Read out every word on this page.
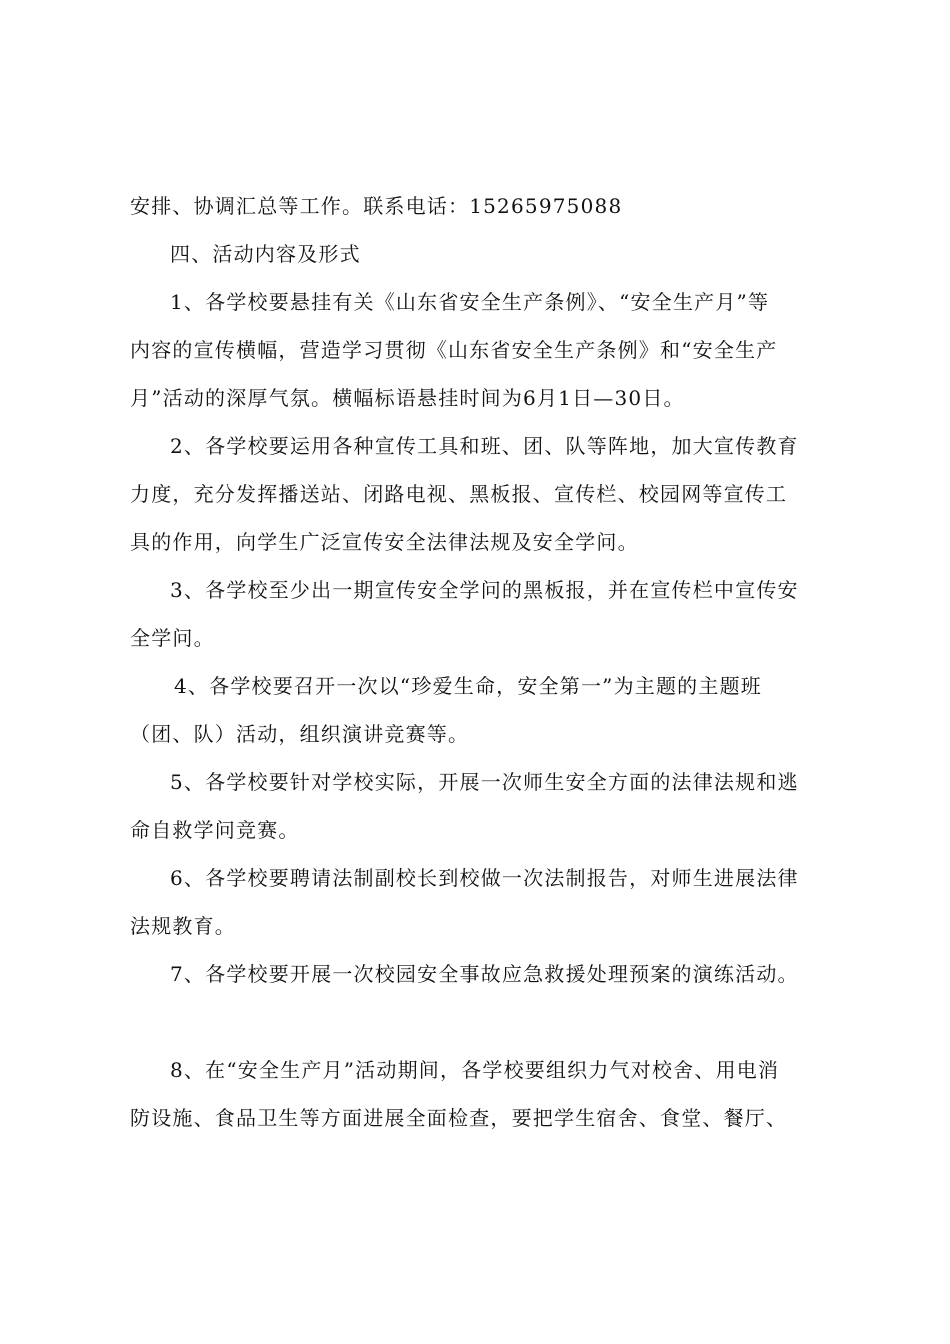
安排、协调汇总等工作。联系电话：15265975088
四、活动内容及形式
1、各学校要悬挂有关《山东省安全生产条例》、“安全生产月”等
内容的宣传横幅，营造学习贯彻《山东省安全生产条例》和“安全生产
月”活动的深厚气氛。横幅标语悬挂时间为6月1日—30日。
2、各学校要运用各种宣传工具和班、团、队等阵地，加大宣传教育
力度，充分发挥播送站、闭路电视、黑板报、宣传栏、校园网等宣传工
具的作用，向学生广泛宣传安全法律法规及安全学问。
3、各学校至少出一期宣传安全学问的黑板报，并在宣传栏中宣传安
全学问。
4、各学校要召开一次以“珍爱生命，安全第一”为主题的主题班
（团、队）活动，组织演讲竞赛等。
5、各学校要针对学校实际，开展一次师生安全方面的法律法规和逃
命自救学问竞赛。
6、各学校要聘请法制副校长到校做一次法制报告，对师生进展法律
法规教育。
7、各学校要开展一次校园安全事故应急救援处理预案的演练活动。
8、在“安全生产月”活动期间，各学校要组织力气对校舍、用电消
防设施、食品卫生等方面进展全面检查，要把学生宿舍、食堂、餐厅、
